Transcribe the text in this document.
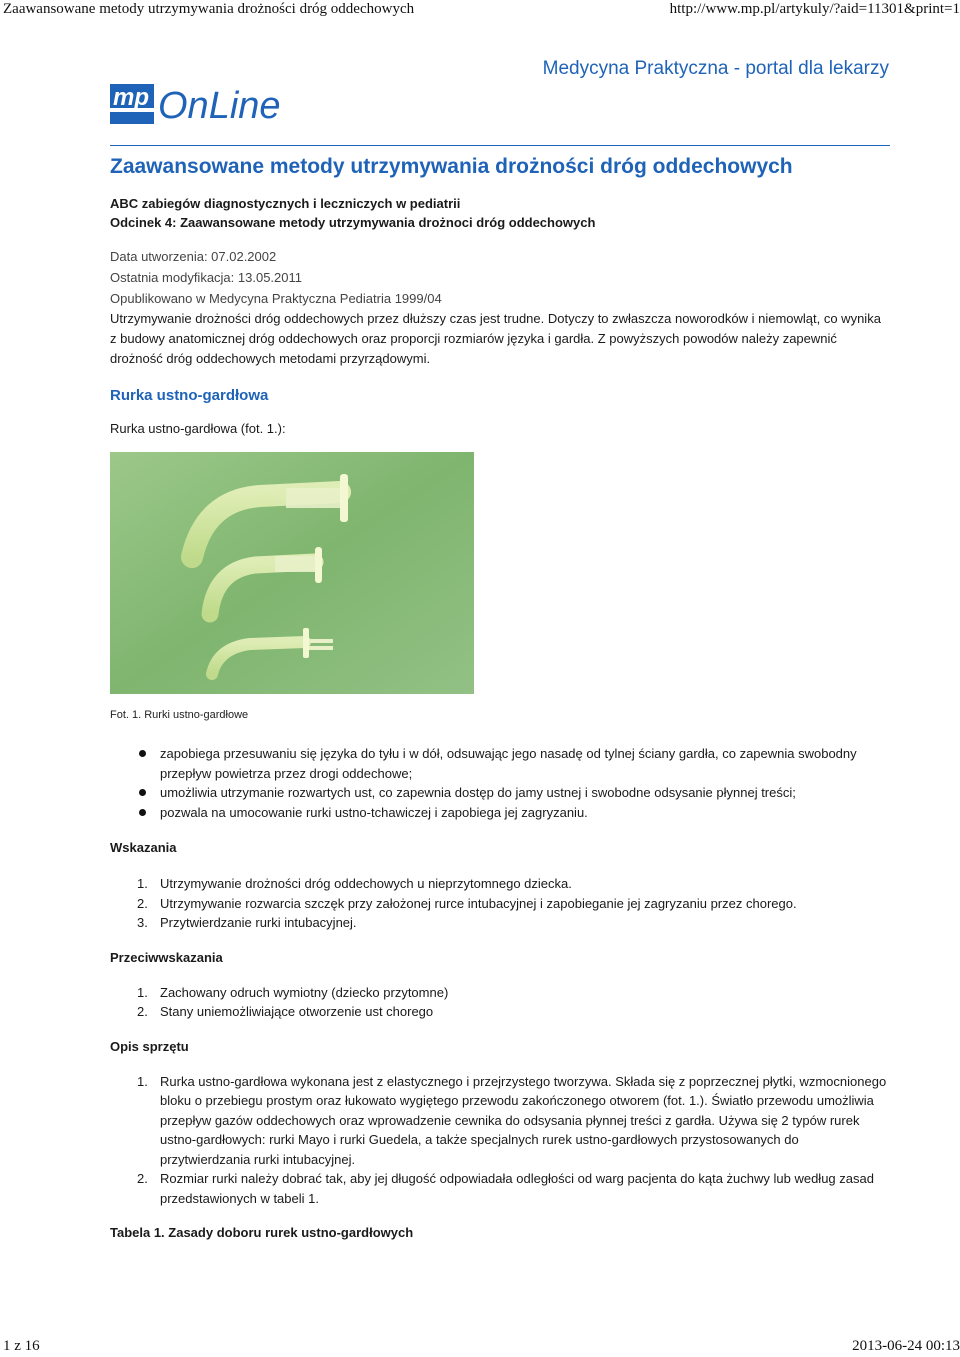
Zaawansowane metody utrzymywania drożności dróg oddechowych	http://www.mp.pl/artykuly/?aid=11301&print=1
Medycyna Praktyczna - portal dla lekarzy
mp OnLine
Zaawansowane metody utrzymywania drożności dróg oddechowych
ABC zabiegów diagnostycznych i leczniczych w pediatrii
Odcinek 4: Zaawansowane metody utrzymywania drożnoci dróg oddechowych
Data utworzenia: 07.02.2002
Ostatnia modyfikacja: 13.05.2011
Opublikowano w Medycyna Praktyczna Pediatria 1999/04

Utrzymywanie drożności dróg oddechowych przez dłuższy czas jest trudne. Dotyczy to zwłaszcza noworodków i niemowląt, co wynika z budowy anatomicznej dróg oddechowych oraz proporcji rozmiarów języka i gardła. Z powyższych powodów należy zapewnić drożność dróg oddechowych metodami przyrządowymi.

Rurka ustno-gardłowa
Rurka ustno-gardłowa (fot. 1.):
Fot. 1. Rurki ustno-gardłowe
zapobiega przesuwaniu się języka do tyłu i w dół, odsuwając jego nasadę od tylnej ściany gardła, co zapewnia swobodny przepływ powietrza przez drogi oddechowe;
umożliwia utrzymanie rozwartych ust, co zapewnia dostęp do jamy ustnej i swobodne odsysanie płynnej treści;
pozwala na umocowanie rurki ustno-tchawiczej i zapobiega jej zagryzaniu.
Wskazania
1. Utrzymywanie drożności dróg oddechowych u nieprzytomnego dziecka.
2. Utrzymywanie rozwarcia szczęk przy założonej rurce intubacyjnej i zapobieganie jej zagryzaniu przez chorego.
3. Przytwierdzanie rurki intubacyjnej.
Przeciwwskazania
1. Zachowany odruch wymiotny (dziecko przytomne)
2. Stany uniemożliwiające otworzenie ust chorego
Opis sprzętu
1. Rurka ustno-gardłowa wykonana jest z elastycznego i przejrzystego tworzywa. Składa się z poprzecznej płytki, wzmocnionego bloku o przebiegu prostym oraz łukowato wygiętego przewodu zakończonego otworem (fot. 1.). Światło przewodu umożliwia przepływ gazów oddechowych oraz wprowadzenie cewnika do odsysania płynnej treści z gardła. Używa się 2 typów rurek ustno-gardłowych: rurki Mayo i rurki Guedela, a także specjalnych rurek ustno-gardłowych przystosowanych do przytwierdzania rurki intubacyjnej.
2. Rozmiar rurki należy dobrać tak, aby jej długość odpowiadała odległości od warg pacjenta do kąta żuchwy lub według zasad przedstawionych w tabeli 1.
Tabela 1. Zasady doboru rurek ustno-gardłowych
1 z 16	2013-06-24 00:13
